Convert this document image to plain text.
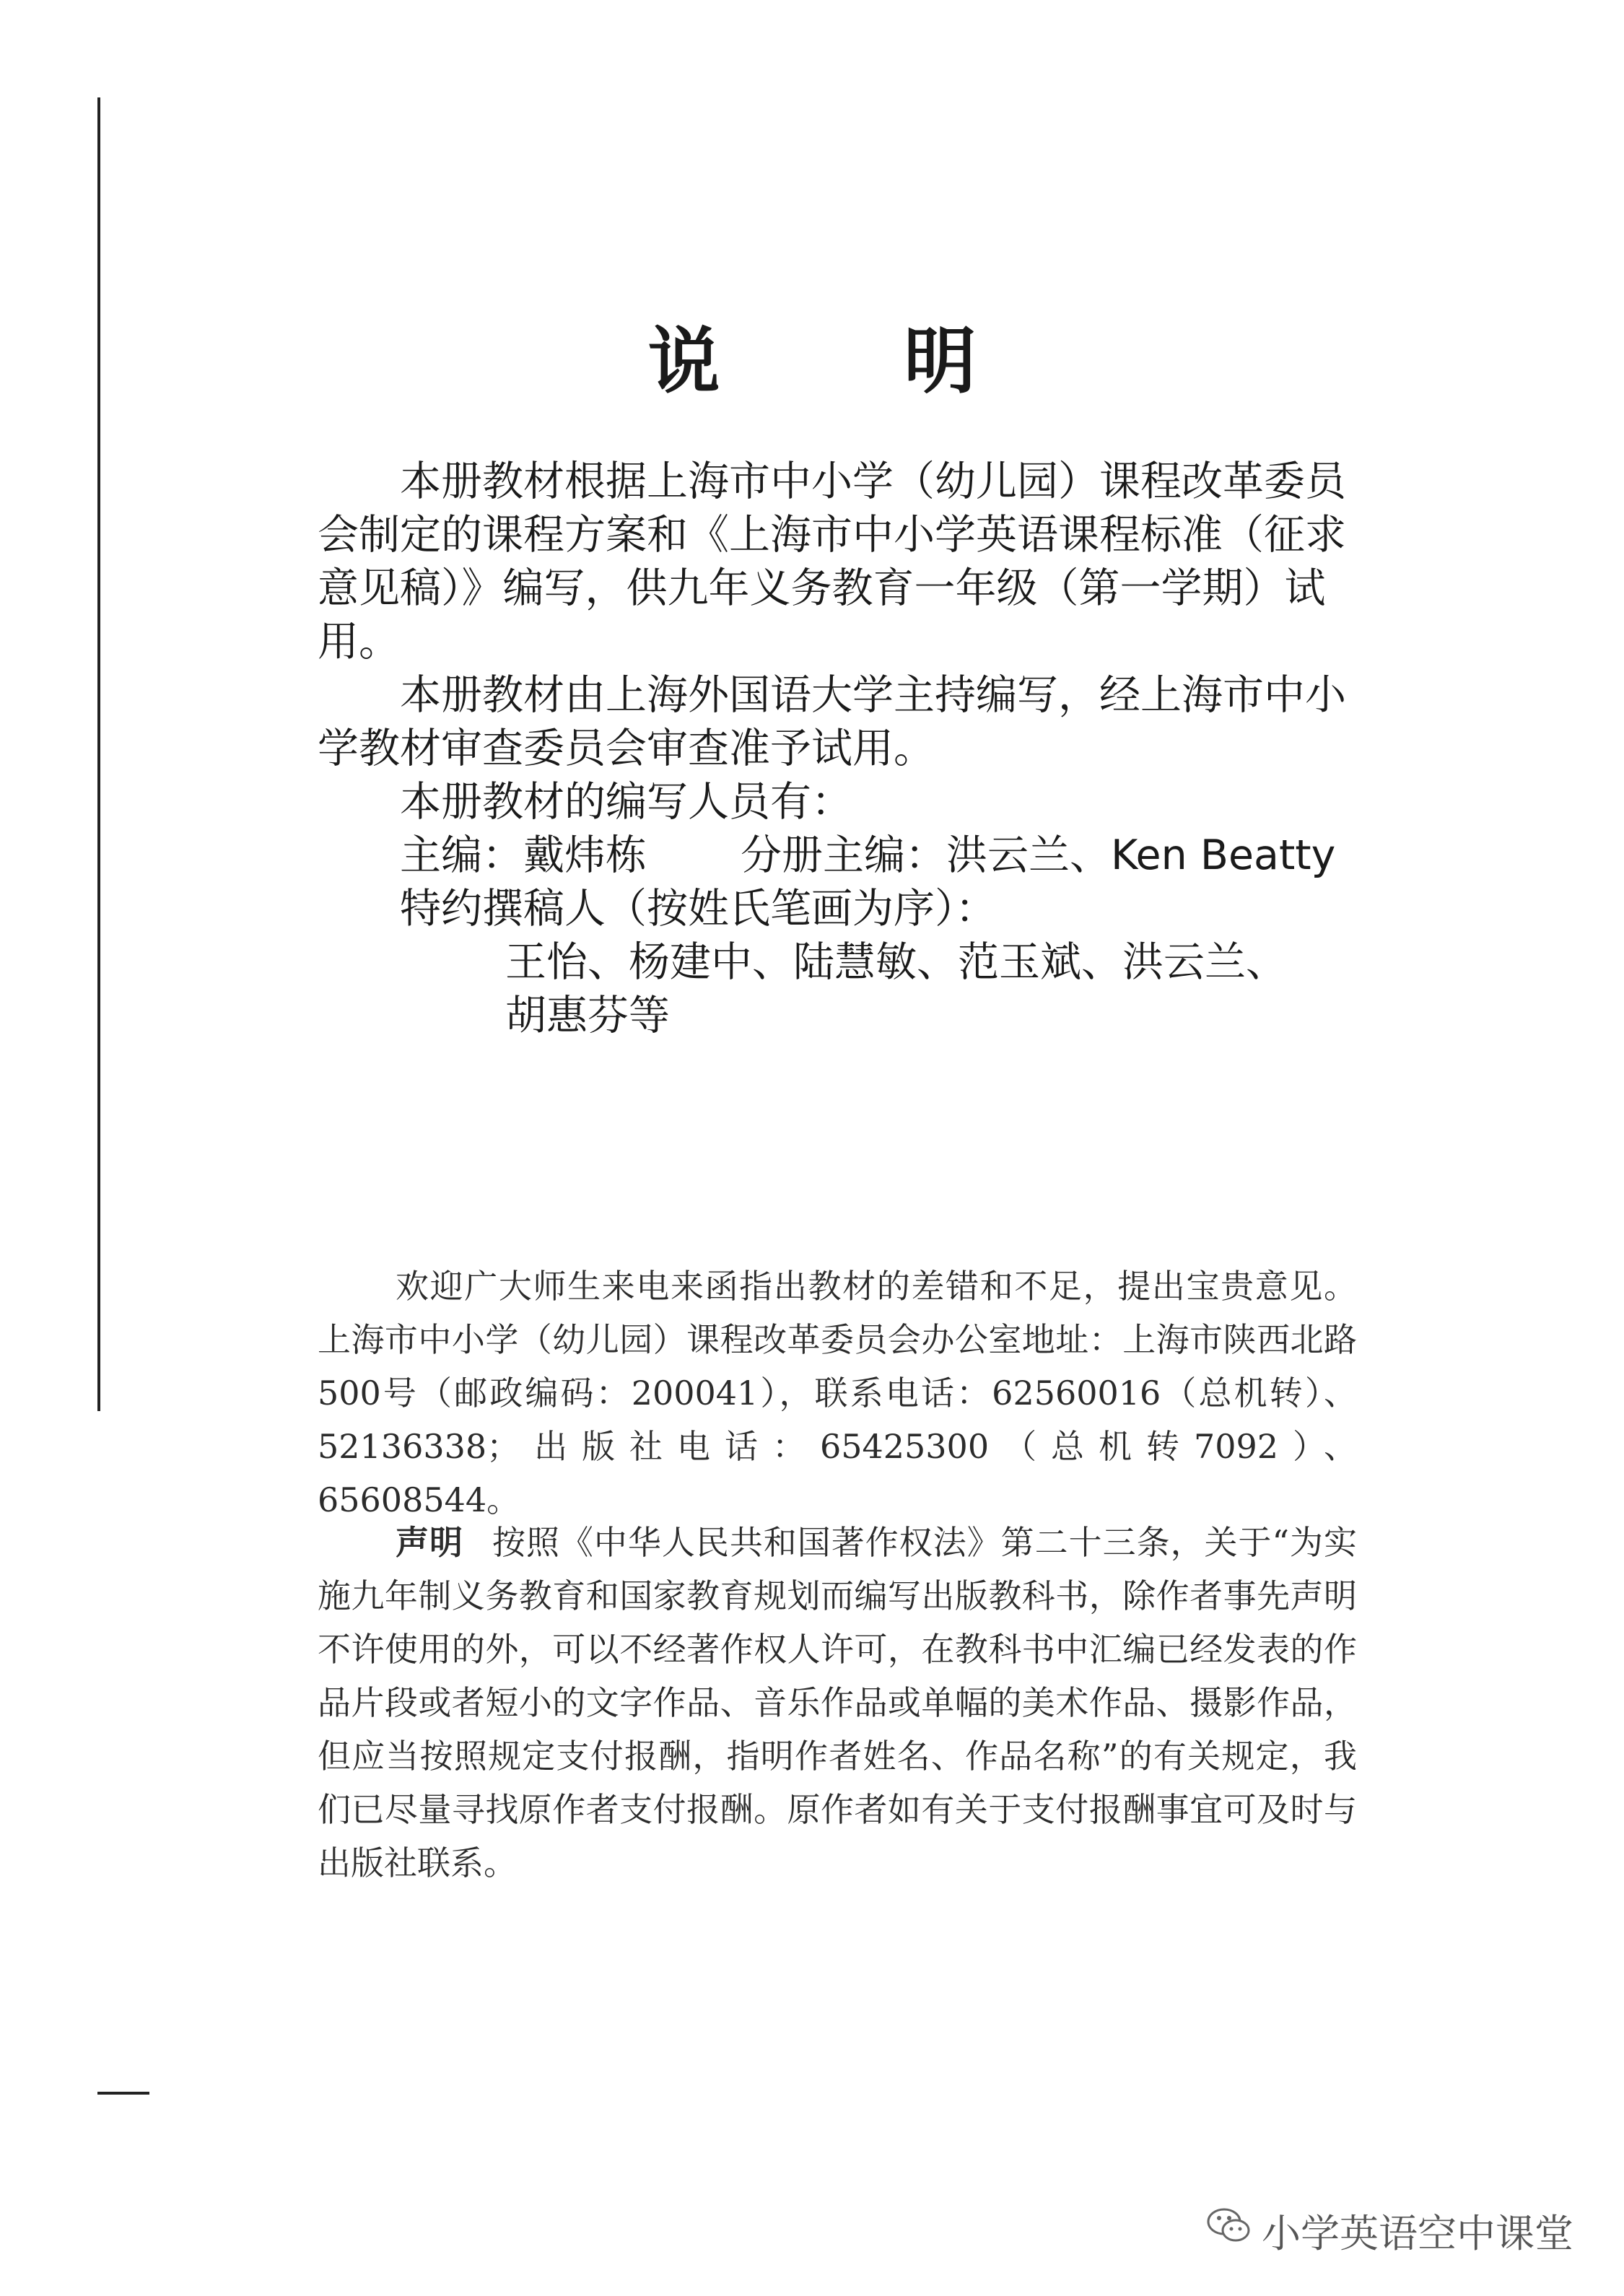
说 明

本册教材根据上海市中小学（幼儿园）课程改革委员会制定的课程方案和《上海市中小学英语课程标准（征求意见稿）》编写，供九年义务教育一年级（第一学期）试用。

本册教材由上海外国语大学主持编写，经上海市中小学教材审查委员会审查准予试用。

本册教材的编写人员有：
主编：戴炜栋 分册主编：洪云兰、Ken Beatty
特约撰稿人（按姓氏笔画为序）：
王怡、杨建中、陆慧敏、范玉斌、洪云兰、
胡惠芬等

欢迎广大师生来电来函指出教材的差错和不足，提出宝贵意见。上海市中小学（幼儿园）课程改革委员会办公室地址：上海市陕西北路500号（邮政编码：200041），联系电话：62560016（总机转）、52136338；出版社电话：65425300（总机转7092）、65608544。

声明 按照《中华人民共和国著作权法》第二十三条，关于“为实施九年制义务教育和国家教育规划而编写出版教科书，除作者事先声明不许使用的外，可以不经著作权人许可，在教科书中汇编已经发表的作品片段或者短小的文字作品、音乐作品或单幅的美术作品、摄影作品，但应当按照规定支付报酬，指明作者姓名、作品名称”的有关规定，我们已尽量寻找原作者支付报酬。原作者如有关于支付报酬事宜可及时与出版社联系。

小学英语空中课堂
